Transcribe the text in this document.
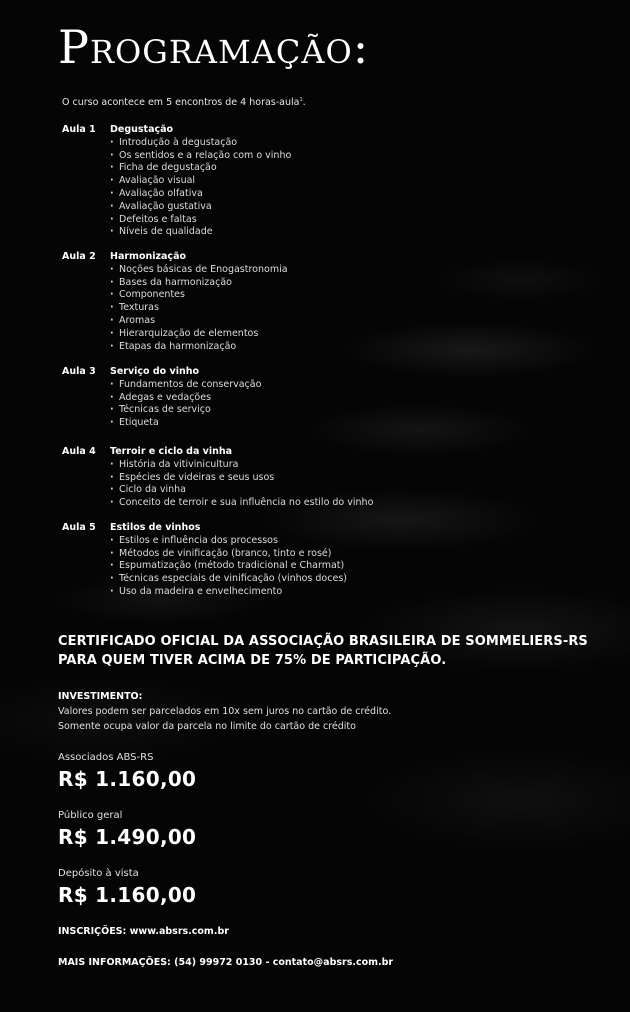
Programação:
O curso acontece em 5 encontros de 4 horas-aula$^1$.
Aula 1	Degustação
· Introdução à degustação
· Os sentidos e a relação com o vinho
· Ficha de degustação
· Avaliação visual
· Avaliação olfativa
· Avaliação gustativa
· Defeitos e faltas
· Níveis de qualidade
Aula 2	Harmonização
· Noções básicas de Enogastronomia
· Bases da harmonização
· Componentes
· Texturas
· Aromas
· Hierarquização de elementos
· Etapas da harmonização
Aula 3	Serviço do vinho
· Fundamentos de conservação
· Adegas e vedações
· Técnicas de serviço
· Etiqueta
Aula 4	Terroir e ciclo da vinha
· História da vitivinicultura
· Espécies de videiras e seus usos
· Ciclo da vinha
· Conceito de terroir e sua influência no estilo do vinho
Aula 5	Estilos de vinhos
· Estilos e influência dos processos
· Métodos de vinificação (branco, tinto e rosé)
· Espumatização (método tradicional e Charmat)
· Técnicas especiais de vinificação (vinhos doces)
· Uso da madeira e envelhecimento
CERTIFICADO OFICIAL DA ASSOCIAÇÃO BRASILEIRA DE SOMMELIERS-RS
PARA QUEM TIVER ACIMA DE 75% DE PARTICIPAÇÃO.
INVESTIMENTO:
Valores podem ser parcelados em 10x sem juros no cartão de crédito.
Somente ocupa valor da parcela no limite do cartão de crédito
Associados ABS-RS
R$ 1.160,00
Público geral
R$ 1.490,00
Depósito à vista
R$ 1.160,00
INSCRIÇÕES: www.absrs.com.br
MAIS INFORMAÇÕES: (54) 99972 0130 - contato@absrs.com.br
